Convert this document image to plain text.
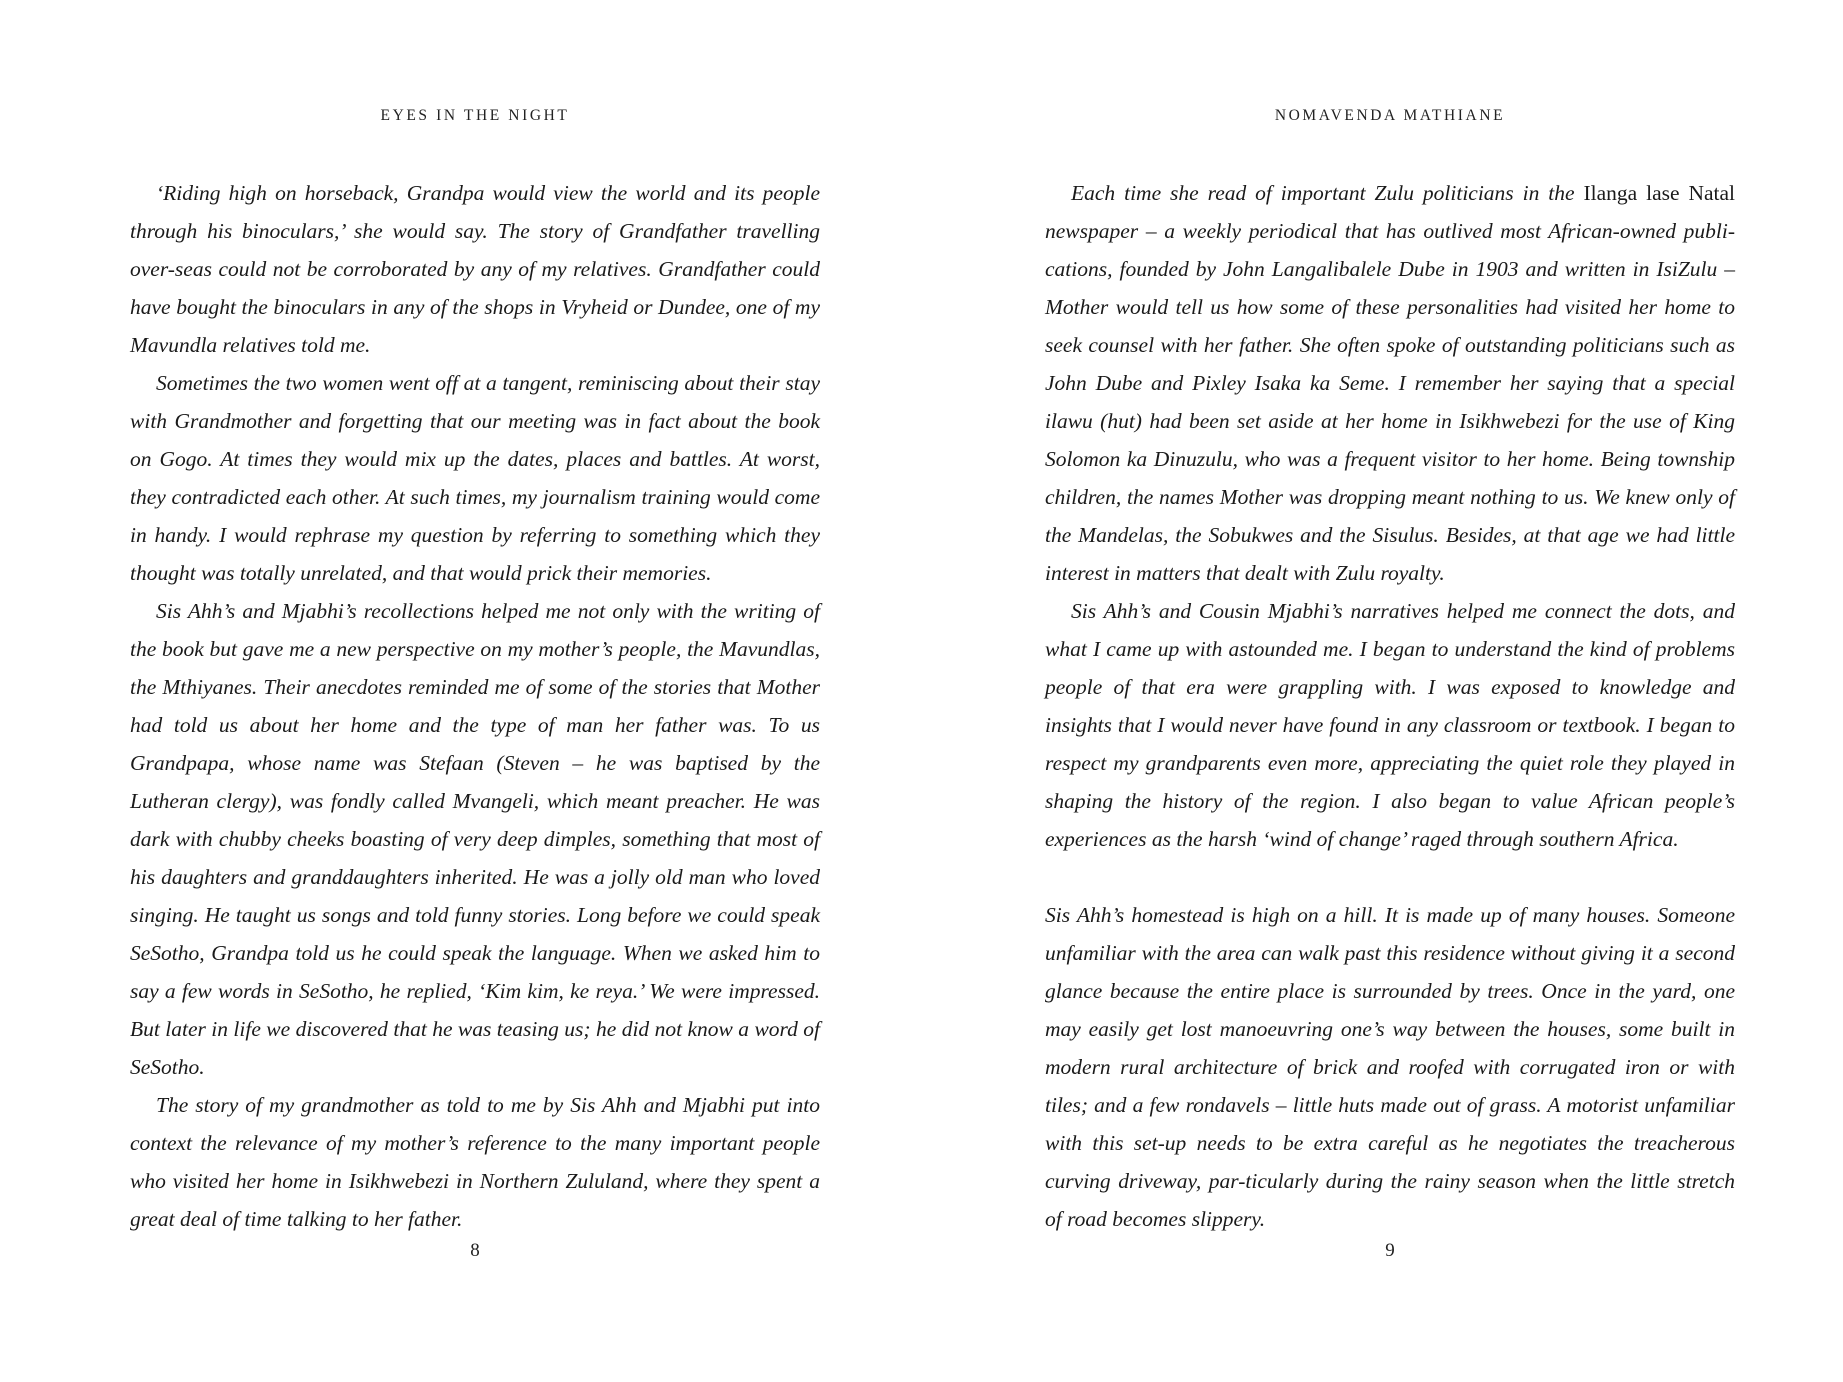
EYES IN THE NIGHT

‘Riding high on horseback, Grandpa would view the world and its people through his binoculars,’ she would say. The story of Grandfather travelling over-seas could not be corroborated by any of my relatives. Grandfather could have bought the binoculars in any of the shops in Vryheid or Dundee, one of my Mavundla relatives told me.

Sometimes the two women went off at a tangent, reminiscing about their stay with Grandmother and forgetting that our meeting was in fact about the book on Gogo. At times they would mix up the dates, places and battles. At worst, they contradicted each other. At such times, my journalism training would come in handy. I would rephrase my question by referring to something which they thought was totally unrelated, and that would prick their memories.

Sis Ahh’s and Mjabhi’s recollections helped me not only with the writing of the book but gave me a new perspective on my mother’s people, the Mavundlas, the Mthiyanes. Their anecdotes reminded me of some of the stories that Mother had told us about her home and the type of man her father was. To us Grandpapa, whose name was Stefaan (Steven – he was baptised by the Lutheran clergy), was fondly called Mvangeli, which meant preacher. He was dark with chubby cheeks boasting of very deep dimples, something that most of his daughters and granddaughters inherited. He was a jolly old man who loved singing. He taught us songs and told funny stories. Long before we could speak SeSotho, Grandpa told us he could speak the language. When we asked him to say a few words in SeSotho, he replied, ‘Kim kim, ke reya.’ We were impressed. But later in life we discovered that he was teasing us; he did not know a word of SeSotho.

The story of my grandmother as told to me by Sis Ahh and Mjabhi put into context the relevance of my mother’s reference to the many important people who visited her home in Isikhwebezi in Northern Zululand, where they spent a great deal of time talking to her father.

8
NOMAVENDA MATHIANE

Each time she read of important Zulu politicians in the Ilanga lase Natal newspaper – a weekly periodical that has outlived most African-owned publi-cations, founded by John Langalibalele Dube in 1903 and written in IsiZulu – Mother would tell us how some of these personalities had visited her home to seek counsel with her father. She often spoke of outstanding politicians such as John Dube and Pixley Isaka ka Seme. I remember her saying that a special ilawu (hut) had been set aside at her home in Isikhwebezi for the use of King Solomon ka Dinuzulu, who was a frequent visitor to her home. Being township children, the names Mother was dropping meant nothing to us. We knew only of the Mandelas, the Sobukwes and the Sisulus. Besides, at that age we had little interest in matters that dealt with Zulu royalty.

Sis Ahh’s and Cousin Mjabhi’s narratives helped me connect the dots, and what I came up with astounded me. I began to understand the kind of problems people of that era were grappling with. I was exposed to knowledge and insights that I would never have found in any classroom or textbook. I began to respect my grandparents even more, appreciating the quiet role they played in shaping the history of the region. I also began to value African people’s experiences as the harsh ‘wind of change’ raged through southern Africa.

Sis Ahh’s homestead is high on a hill. It is made up of many houses. Someone unfamiliar with the area can walk past this residence without giving it a second glance because the entire place is surrounded by trees. Once in the yard, one may easily get lost manoeuvring one’s way between the houses, some built in modern rural architecture of brick and roofed with corrugated iron or with tiles; and a few rondavels – little huts made out of grass. A motorist unfamiliar with this set-up needs to be extra careful as he negotiates the treacherous curving driveway, par-ticularly during the rainy season when the little stretch of road becomes slippery.

9
